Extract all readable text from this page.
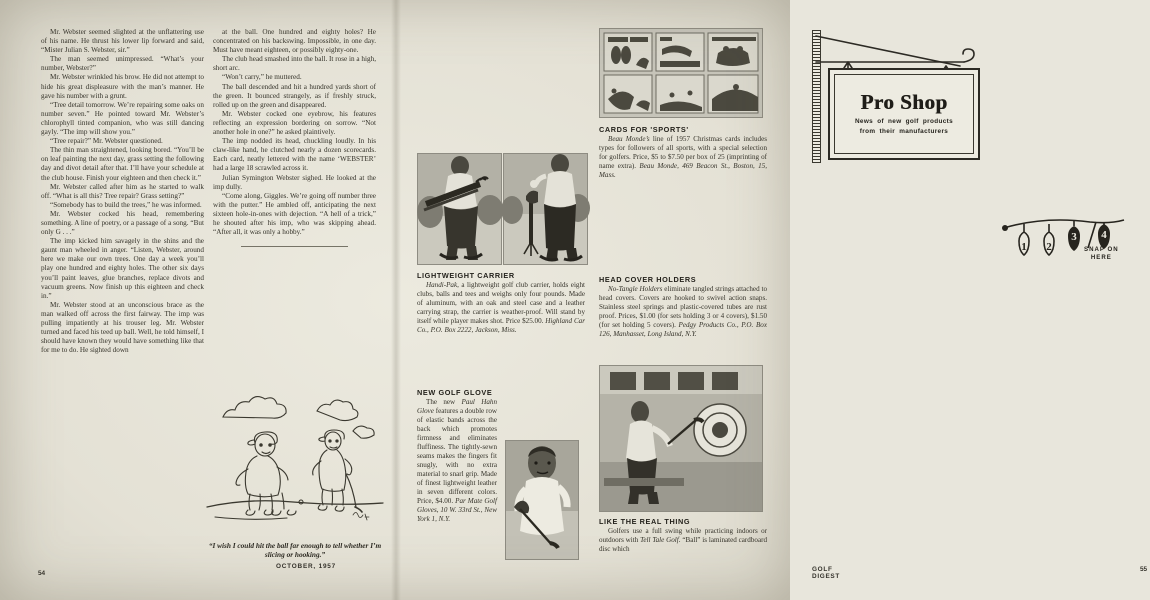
Mr. Webster seemed slighted at the unflattering use of his name. He thrust his lower lip forward and said, “Mister Julian S. Webster, sir.”

The man seemed unimpressed. “What’s your number, Webster?”

Mr. Webster wrinkled his brow. He did not attempt to hide his great displeasure with the man’s manner. He gave his number with a grunt.

“Tree detail tomorrow. We’re repairing some oaks on number seven.” He pointed toward Mr. Webster’s chlorophyll tinted companion, who was still dancing gayly. “The imp will show you.”

“Tree repair?” Mr. Webster questioned.

The thin man straightened, looking bored. “You’ll be on leaf painting the next day, grass setting the following day and divot detail after that. I’ll have your schedule at the club house. Finish your eighteen and then check it.”

Mr. Webster called after him as he started to walk off. “What is all this? Tree repair? Grass setting?”

“Somebody has to build the trees,” he was informed.

Mr. Webster cocked his head, remembering something. A line of poetry, or a passage of a song. “But only G . . .”

The imp kicked him savagely in the shins and the gaunt man wheeled in anger. “Listen, Webster, around here we make our own trees. One day a week you’ll play one hundred and eighty holes. The other six days you’ll paint leaves, glue branches, replace divots and vacuum greens. Now finish up this eighteen and check in.”

Mr. Webster stood at an unconscious brace as the man walked off across the first fairway. The imp was pulling impatiently at his trouser leg. Mr. Webster turned and faced his teed up ball. Well, he told himself, I should have known they would have something like that for me to do. He sighted down

at the ball. One hundred and eighty holes? He concentrated on his backswing. Impossible, in one day. Must have meant eighteen, or possibly eighty-one.

The club head smashed into the ball. It rose in a high, short arc.

“Won’t carry,” he muttered.

The ball descended and hit a hundred yards short of the green. It bounced strangely, as if freshly struck, rolled up on the green and disappeared.

Mr. Webster cocked one eyebrow, his features reflecting an expression bordering on sorrow. “Not another hole in one?” he asked plaintively.

The imp nodded its head, chuckling loudly. In his claw-like hand, he clutched nearly a dozen scorecards. Each card, neatly lettered with the name ‘WEBSTER’ had a large 18 scrawled across it.

Julian Symington Webster sighed. He looked at the imp dully.

“Come along, Giggles. We’re going off number three with the putter.” He ambled off, anticipating the next sixteen hole-in-ones with dejection. “A hell of a trick,” he shouted after his imp, who was skipping ahead. “After all, it was only a hobby.”

“I wish I could hit the ball far enough to tell whether I’m slicing or hooking.”
OCTOBER, 1957
54
Pro Shop
News of new golf products
from their manufacturers
LIGHTWEIGHT CARRIER

Handi-Pak, a lightweight golf club carrier, holds eight clubs, balls and tees and weighs only four pounds. Made of aluminum, with an oak and steel case and a leather carrying strap, the carrier is weather-proof. Will stand by itself while player makes shot. Price $25.00. Highland Car Co., P.O. Box 2222, Jackson, Miss.

NEW GOLF GLOVE

The new Paul Hahn Glove features a double row of elastic bands across the back which promotes firmness and eliminates fluffiness. The tightly-sewn seams makes the fingers fit snugly, with no extra material to snarl grip. Made of finest lightweight leather in seven different colors. Price, $4.00. Par Mate Golf Gloves, 10 W. 33rd St., New York 1, N.Y.

GOLF DIGEST
CARDS FOR 'SPORTS'

Beau Monde’s line of 1957 Christmas cards includes types for followers of all sports, with a special selection for golfers. Price, $5 to $7.50 per box of 25 (imprinting of name extra). Beau Monde, 469 Beacon St., Boston, 15, Mass.

1 2
3 4
SNAP ON
HERE
HEAD COVER HOLDERS

No-Tangle Holders eliminate tangled strings attached to head covers. Covers are hooked to swivel action snaps. Stainless steel springs and plastic-covered tubes are rust proof. Prices, $1.00 (for sets holding 3 or 4 covers), $1.50 (for set holding 5 covers). Pedgy Products Co., P.O. Box 126, Manhasset, Long Island, N.Y.

LIKE THE REAL THING

Golfers use a full swing while practicing indoors or outdoors with Tell Tale Golf. “Ball” is laminated cardboard disc which

55
